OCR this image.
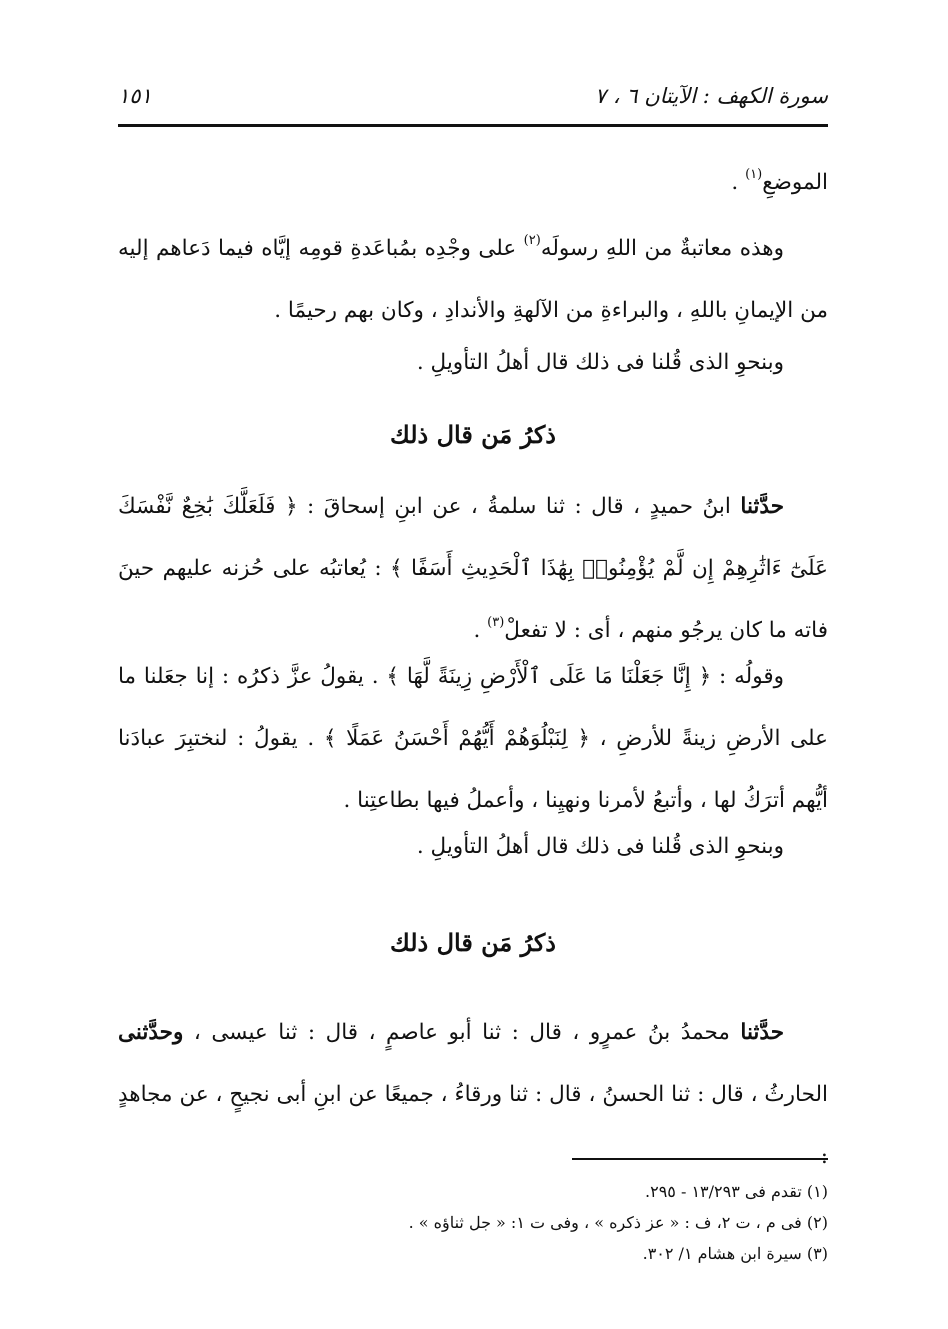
سورة الكهف : الآيتان ٦ ، ٧
١٥١

الموضعِ$^{(١)}$ .

وهذه معاتبةٌ من اللهِ رسولَه$^{(٢)}$ على وجْدِه بمُباعَدةِ قومِه إيَّاه فيما دَعاهم إليه من الإيمانِ باللهِ ، والبراءةِ من الآلهةِ والأندادِ ، وكان بهم رحيمًا .

وبنحوِ الذى قُلنا فى ذلك قال أهلُ التأويلِ .

ذكرُ مَن قال ذلك

حدَّثنا ابنُ حميدٍ ، قال : ثنا سلمةُ ، عن ابنِ إسحاقَ : ﴿ فَلَعَلَّكَ بَٰخِعٌ نَّفْسَكَ عَلَىٰٓ ءَاثَٰرِهِمْ إِن لَّمْ يُؤْمِنُوا۟ بِهَٰذَا ٱلْحَدِيثِ أَسَفًا ﴾ : يُعاتبُه على حُزنه عليهم حينَ فاته ما كان يرجُو منهم ، أى : لا تفعلْ$^{(٣)}$ .

وقولُه : ﴿ إِنَّا جَعَلْنَا مَا عَلَى ٱلْأَرْضِ زِينَةً لَّهَا ﴾ . يقولُ عزَّ ذكرُه : إنا جعَلنا ما على الأرضِ زينةً للأرضِ ، ﴿ لِنَبْلُوَهُمْ أَيُّهُمْ أَحْسَنُ عَمَلًا ﴾ . يقولُ : لنختبِرَ عبادَنا أيُّهم أترَكُ لها ، وأتبعُ لأمرنا ونهيِنا ، وأعملُ فيها بطاعتِنا .

وبنحوِ الذى قُلنا فى ذلك قال أهلُ التأويلِ .

ذكرُ مَن قال ذلك

حدَّثنا محمدُ بنُ عمرٍو ، قال : ثنا أبو عاصمٍ ، قال : ثنا عيسى ، وحدَّثنى الحارثُ ، قال : ثنا الحسنُ ، قال : ثنا ورقاءُ ، جميعًا عن ابنِ أبى نجيحٍ ، عن مجاهدٍ :

(١) تقدم فى ١٣/٢٩٣ - ٢٩٥.
(٢) فى م ، ت ٢، ف : « عز ذكره » ، وفى ت ١: « جل ثناؤه » .
(٣) سيرة ابن هشام ١/ ٣٠٢.
